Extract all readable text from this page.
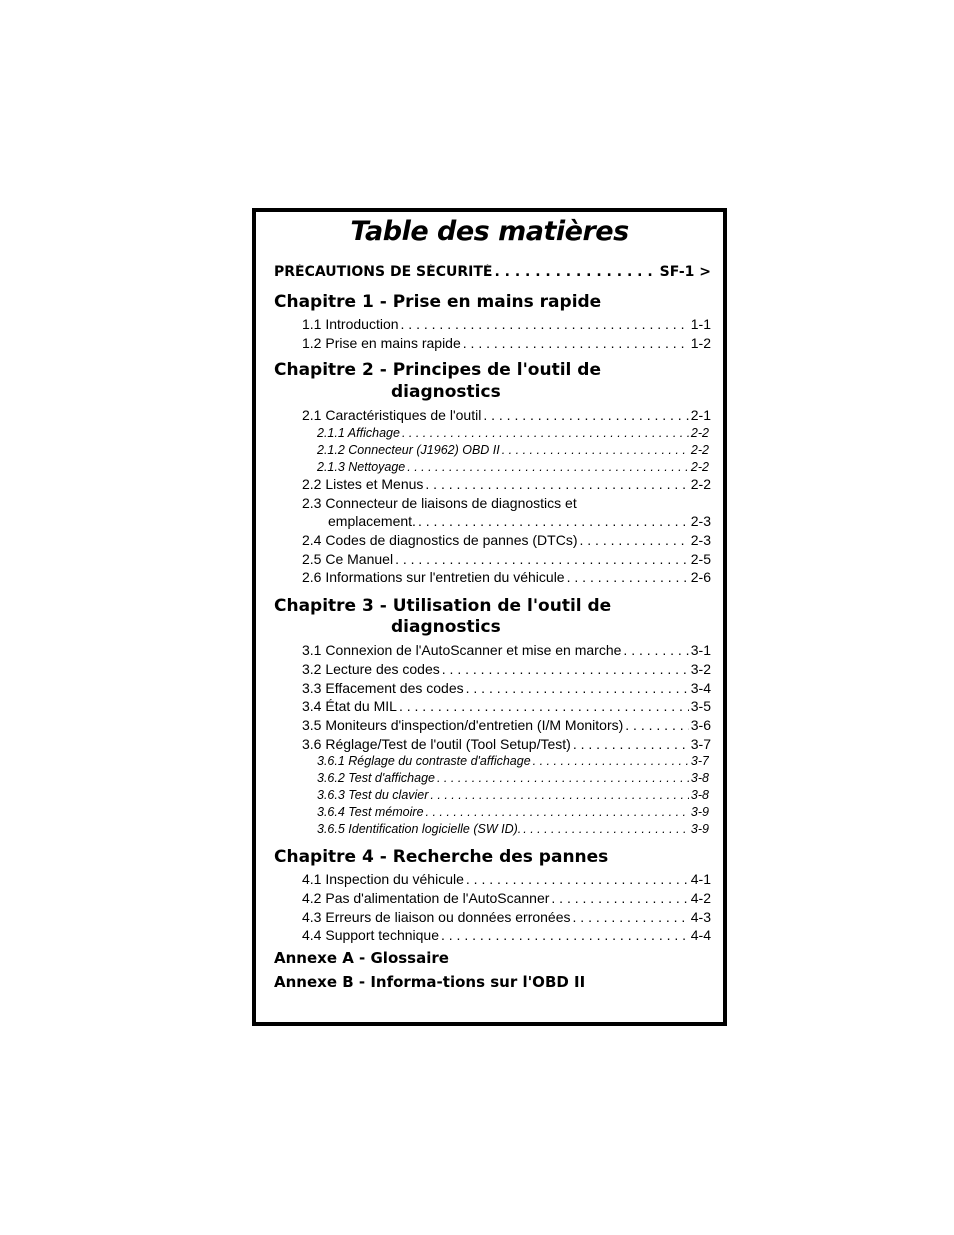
Table des matières
PRÉCAUTIONS DE SÉCURITÉ . . .	SF-1 >
Chapitre 1 - Prise en mains rapide
1.1 Introduction . . .	1-1
1.2 Prise en mains rapide . . .	1-2
Chapitre 2 - Principes de l'outil de
diagnostics
2.1 Caractéristiques de l'outil . . .	2-1
2.1.1 Affichage . . .	2-2
2.1.2 Connecteur (J1962) OBD II . . .	2-2
2.1.3 Nettoyage . . .	2-2
2.2 Listes et Menus . . .	2-2
2.3 Connecteur de liaisons de diagnostics et
emplacement. . . .	2-3
2.4 Codes de diagnostics de pannes (DTCs) . . .	2-3
2.5 Ce Manuel . . .	2-5
2.6 Informations sur l'entretien du véhicule . . .	2-6
Chapitre 3 - Utilisation de l'outil de
diagnostics
3.1 Connexion de l'AutoScanner et mise en marche . . .	3-1
3.2 Lecture des codes . . .	3-2
3.3 Effacement des codes . . .	3-4
3.4 État du MIL . . .	3-5
3.5 Moniteurs d'inspection/d'entretien (I/M Monitors) . . .	3-6
3.6 Réglage/Test de l'outil (Tool Setup/Test) . . .	3-7
3.6.1 Réglage du contraste d'affichage . . .	3-7
3.6.2 Test d'affichage . . .	3-8
3.6.3 Test du clavier . . .	3-8
3.6.4 Test mémoire . . .	3-9
3.6.5 Identification logicielle (SW ID). . . .	3-9
Chapitre 4 - Recherche des pannes
4.1 Inspection du véhicule . . .	4-1
4.2 Pas d'alimentation de l'AutoScanner . . .	4-2
4.3 Erreurs de liaison ou données erronées . . .	4-3
4.4 Support technique . . .	4-4
Annexe A - Glossaire
Annexe B - Informa-tions sur l'OBD II
